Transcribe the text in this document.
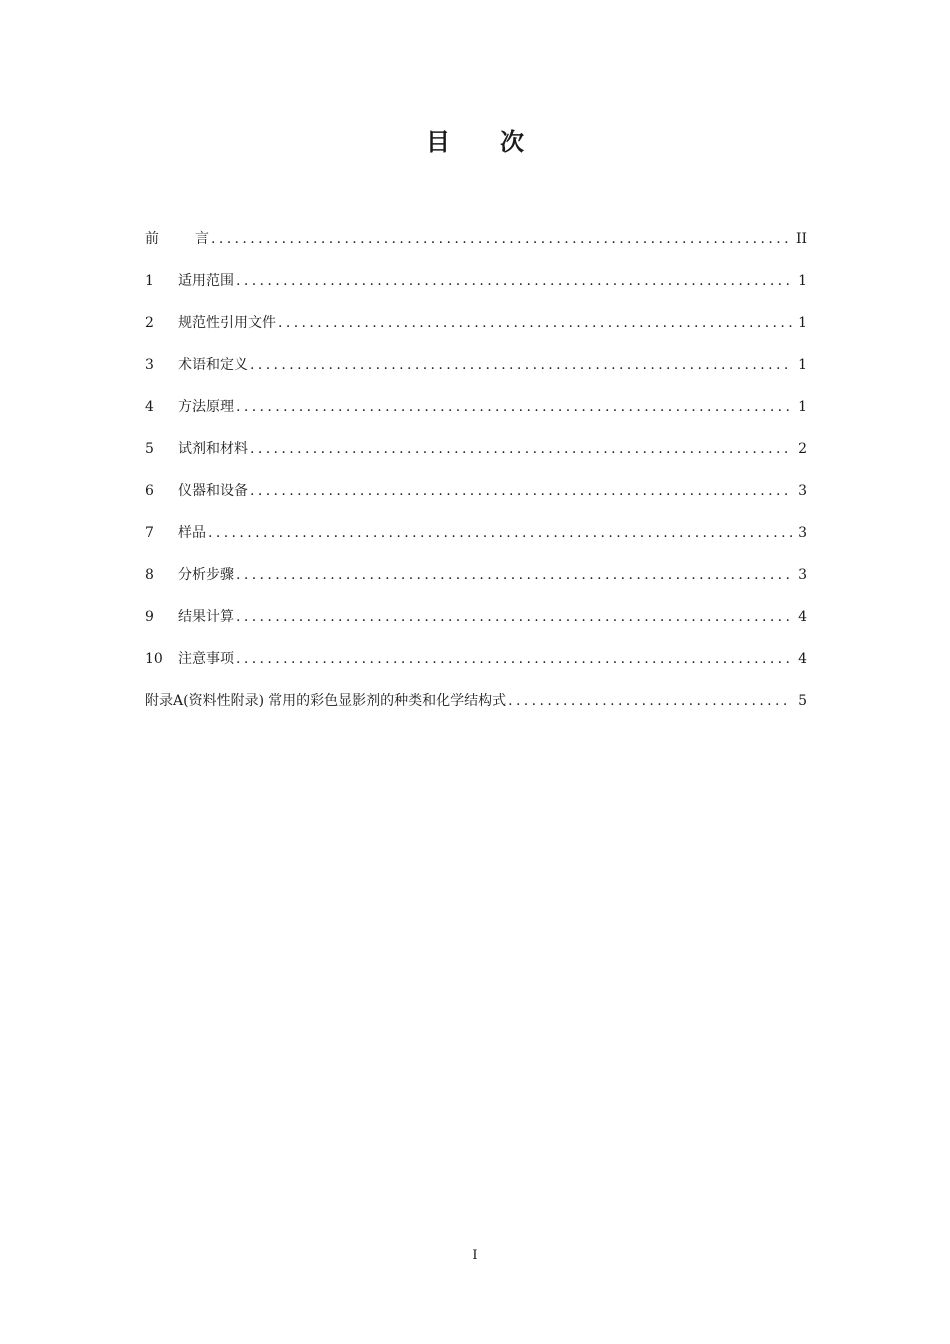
目 次
前	言 .....	II
1	适用范围 .....	1
2	规范性引用文件 .....	1
3	术语和定义 .....	1
4	方法原理 .....	1
5	试剂和材料 .....	2
6	仪器和设备 .....	3
7	样品 .....	3
8	分析步骤 .....	3
9	结果计算 .....	4
10	注意事项 .....	4
附录A(资料性附录) 常用的彩色显影剂的种类和化学结构式 .....	5
I
